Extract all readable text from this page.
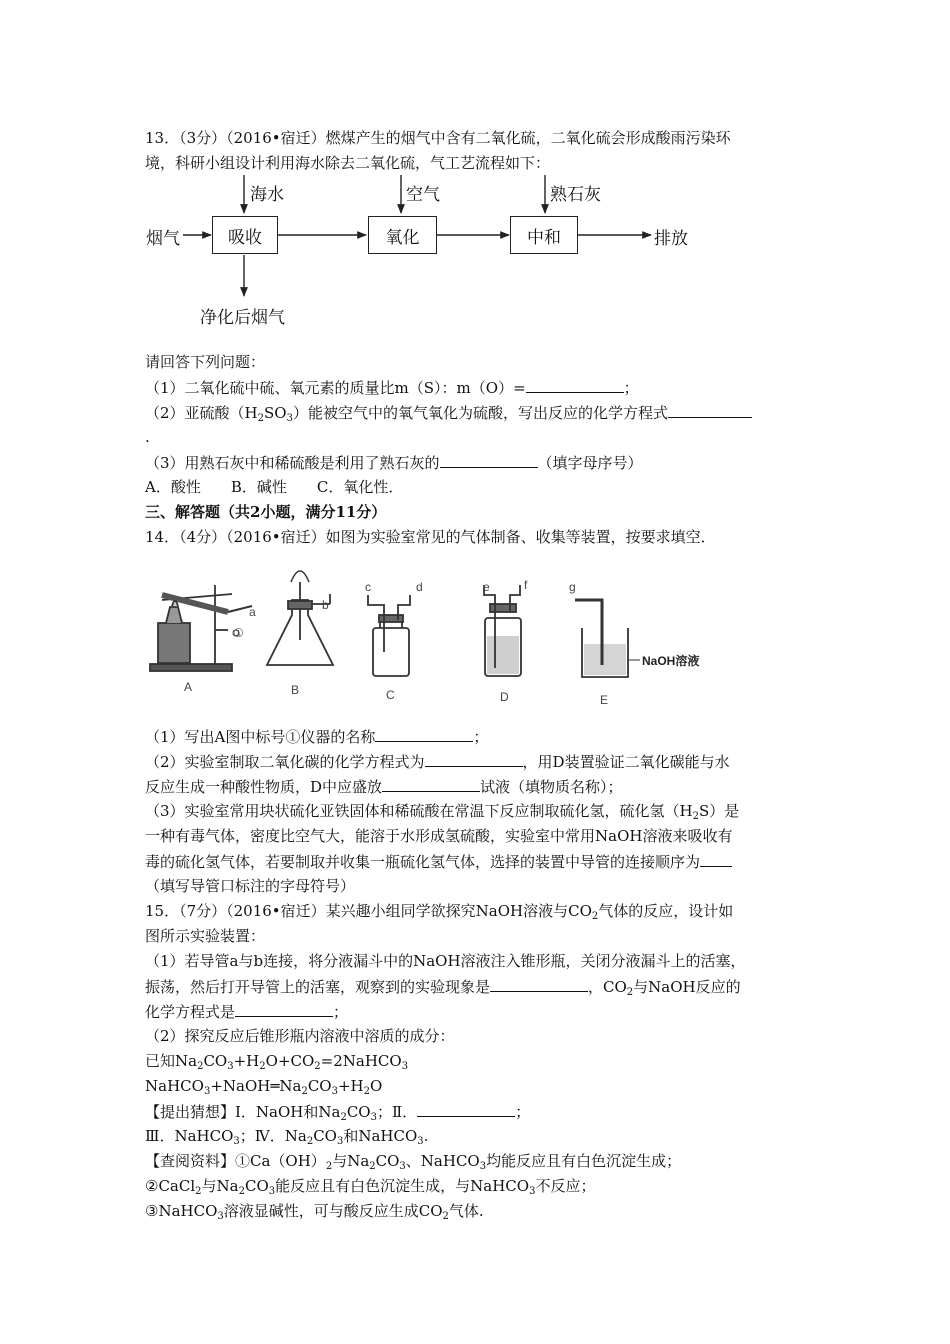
13．（3分）（2016•宿迁）燃煤产生的烟气中含有二氧化硫，二氧化硫会形成酸雨污染环
境，科研小组设计利用海水除去二氧化硫，气工艺流程如下：
烟气	吸收	氧化	中和	排放
海水	空气	熟石灰
净化后烟气
请回答下列问题：
（1）二氧化硫中硫、氧元素的质量比m（S）：m（O）=	；
（2）亚硫酸$(H_2SO_3)$能被空气中的氧气氧化为硫酸，写出反应的化学方程式
.
（3）用熟石灰中和稀硫酸是利用了熟石灰的	（填字母序号）
A．酸性　　B．碱性　　C．氧化性．
三、解答题（共2小题，满分11分）
14．（4分）（2016•宿迁）如图为实验室常见的气体制备、收集等装置，按要求填空．
A	B	C	D	E
a	b
c	d	e	f	g
①
NaOH溶液
（1）写出A图中标号①仪器的名称	；
（2）实验室制取二氧化碳的化学方程式为	，用D装置验证二氧化碳能与水
反应生成一种酸性物质，D中应盛放	试液（填物质名称）；
（3）实验室常用块状硫化亚铁固体和稀硫酸在常温下反应制取硫化氢，硫化氢$(H_2S)$是
一种有毒气体，密度比空气大，能溶于水形成氢硫酸，实验室中常用NaOH溶液来吸收有
毒的硫化氢气体，若要制取并收集一瓶硫化氢气体，选择的装置中导管的连接顺序为
（填写导管口标注的字母符号）
15．（7分）（2016•宿迁）某兴趣小组同学欲探究NaOH溶液与$CO_2$气体的反应，设计如
图所示实验装置：
（1）若导管a与b连接，将分液漏斗中的NaOH溶液注入锥形瓶，关闭分液漏斗上的活塞，
振荡，然后打开导管上的活塞，观察到的实验现象是	，$CO_2$与NaOH反应的
化学方程式是	；
（2）探究反应后锥形瓶内溶液中溶质的成分：
已知$Na_2CO_3+H_2O+CO_2=2NaHCO_3$
$NaHCO_3+NaOH═Na_2CO_3+H_2O$
【提出猜想】Ⅰ．NaOH和$Na_2CO_3$；Ⅱ．	；
Ⅲ．NaHCO$_3$；Ⅳ．$Na_2CO_3$和NaHCO$_3$.
【查阅资料】$①Ca(OH)_2$与$Na_2CO_3$、NaHCO$_3$均能反应且有白色沉淀生成；
②CaCl$_2$与$Na_2CO_3$能反应且有白色沉淀生成，与NaHCO$_3$不反应；
③NaHCO$_3$溶液显碱性，可与酸反应生成$CO_2$气体.
